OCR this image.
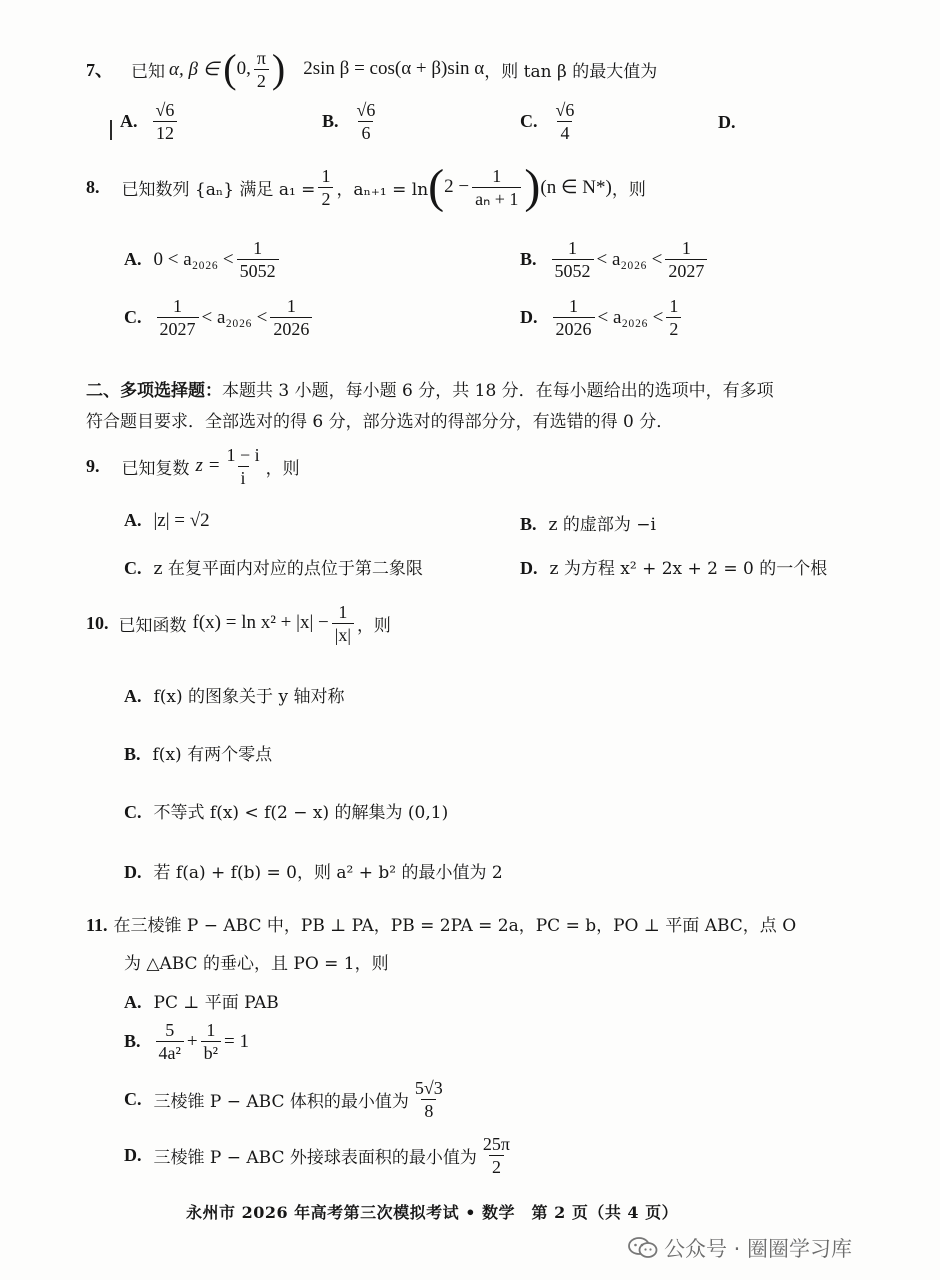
7、 已知 α, β ∈ ( 0, $\frac{\pi}{2}$ ) 2sin β = cos(α + β)sin α ，则 tan β 的最大值为
A. $\frac{√6}{12}$	B. $\frac{√6}{6}$	C. $\frac{√6}{4}$	D.
8. 已知数列 {aₙ} 满足 $a_1 = \frac{1}{2}$ ，aₙ₊₁ = ln ( $2 - \frac{1}{\text{aₙ + 1}}$ ) (n ∈ N*) ，则
A. $0 < a_{2026} < \frac{1}{5052}$	B. $\frac{1}{5052} < a_{2026} < \frac{1}{2027}$
C. $\frac{1}{2027} < a_{2026} < \frac{1}{2026}$	D. $\frac{1}{2026} < a_{2026} < \frac{1}{2}$
二、多项选择题：本题共 3 小题，每小题 6 分，共 18 分．在每小题给出的选项中，有多项
符合题目要求．全部选对的得 6 分，部分选对的得部分分，有选错的得 0 分．
9. 已知复数 $z = \frac{1 - i}{i}$ ，则
A. |z| = √2	B. z 的虚部为 −i
C. z 在复平面内对应的点位于第二象限	D. z 为方程 x² + 2x + 2 = 0 的一个根
10. 已知函数 $f(x) = \ln x^2 + |x| - \frac{1}{|x|}$ ，则
A. f(x) 的图象关于 y 轴对称
B. f(x) 有两个零点
C. 不等式 f(x) < f(2 − x) 的解集为 (0,1)
D. 若 f(a) + f(b) = 0，则 a² + b² 的最小值为 2
11. 在三棱锥 P − ABC 中，PB ⊥ PA，PB = 2PA = 2a，PC = b，PO ⊥ 平面 ABC，点 O
为 △ABC 的垂心，且 PO = 1，则
A. PC ⊥ 平面 PAB
B. $\frac{5}{\text{4a²}} + \frac{1}{\text{b²}} = 1$
C. 三棱锥 P − ABC 体积的最小值为 $\frac{5√3}{8}$
D. 三棱锥 P − ABC 外接球表面积的最小值为 $\frac{25\pi}{2}$
永州市 2026 年高考第三次模拟考试 • 数学　第 2 页（共 4 页）
公众号 · 圈圈学习库
